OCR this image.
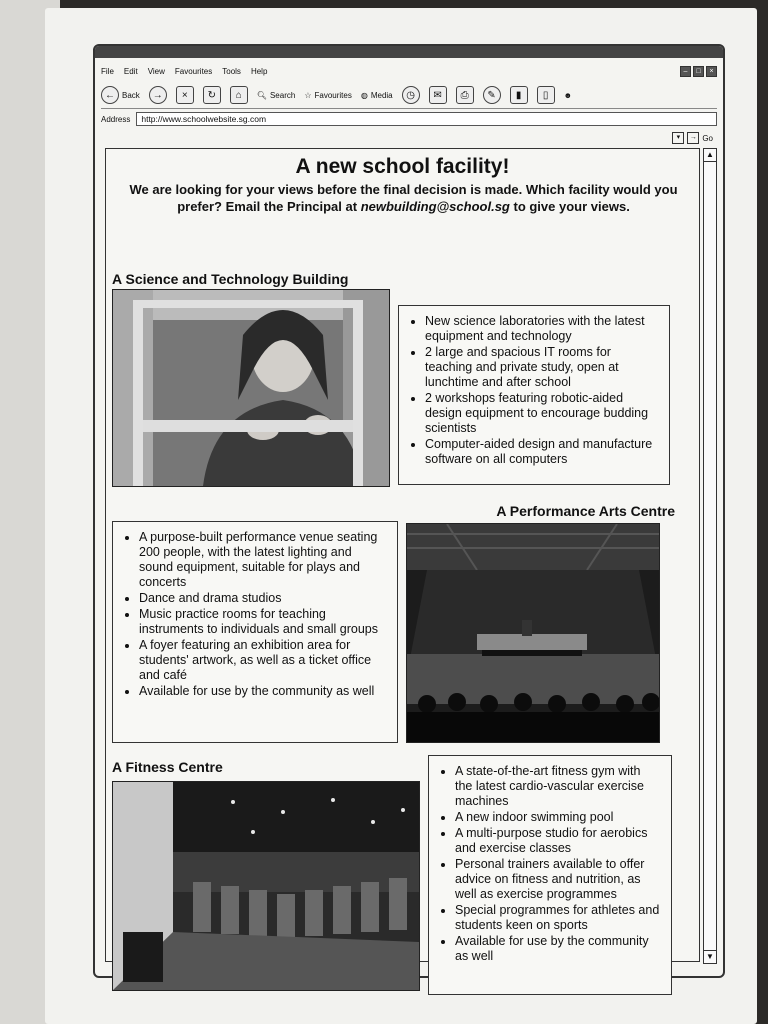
File Edit View Favourites Tools Help	–	□	×
← Back	→	×	↻	⌂	🔍︎ Search ☆ Favourites ◍ Media	◷	✉	⎙	✎	▮	▯	☻
Address	http://www.schoolwebsite.sg.com
▾	→ Go
A new school facility!
We are looking for your views before the final decision is made. Which facility would you prefer? Email the Principal at newbuilding@school.sg to give your views.
A Science and Technology Building
• New science laboratories with the latest equipment and technology
• 2 large and spacious IT rooms for teaching and private study, open at lunchtime and after school
• 2 workshops featuring robotic-aided design equipment to encourage budding scientists
• Computer-aided design and manufacture software on all computers
A Performance Arts Centre
• A purpose-built performance venue seating 200 people, with the latest lighting and sound equipment, suitable for plays and concerts
• Dance and drama studios
• Music practice rooms for teaching instruments to individuals and small groups
• A foyer featuring an exhibition area for students' artwork, as well as a ticket office and café
• Available for use by the community as well
A Fitness Centre
•	A state-of-the-art fitness gym with the latest cardio-vascular exercise machines
• A new indoor swimming pool
• A multi-purpose studio for aerobics and exercise classes
• Personal trainers available to offer advice on fitness and nutrition, as well as exercise programmes
• Special programmes for athletes and students keen on sports
• Available for use by the community as well
▲
▼
